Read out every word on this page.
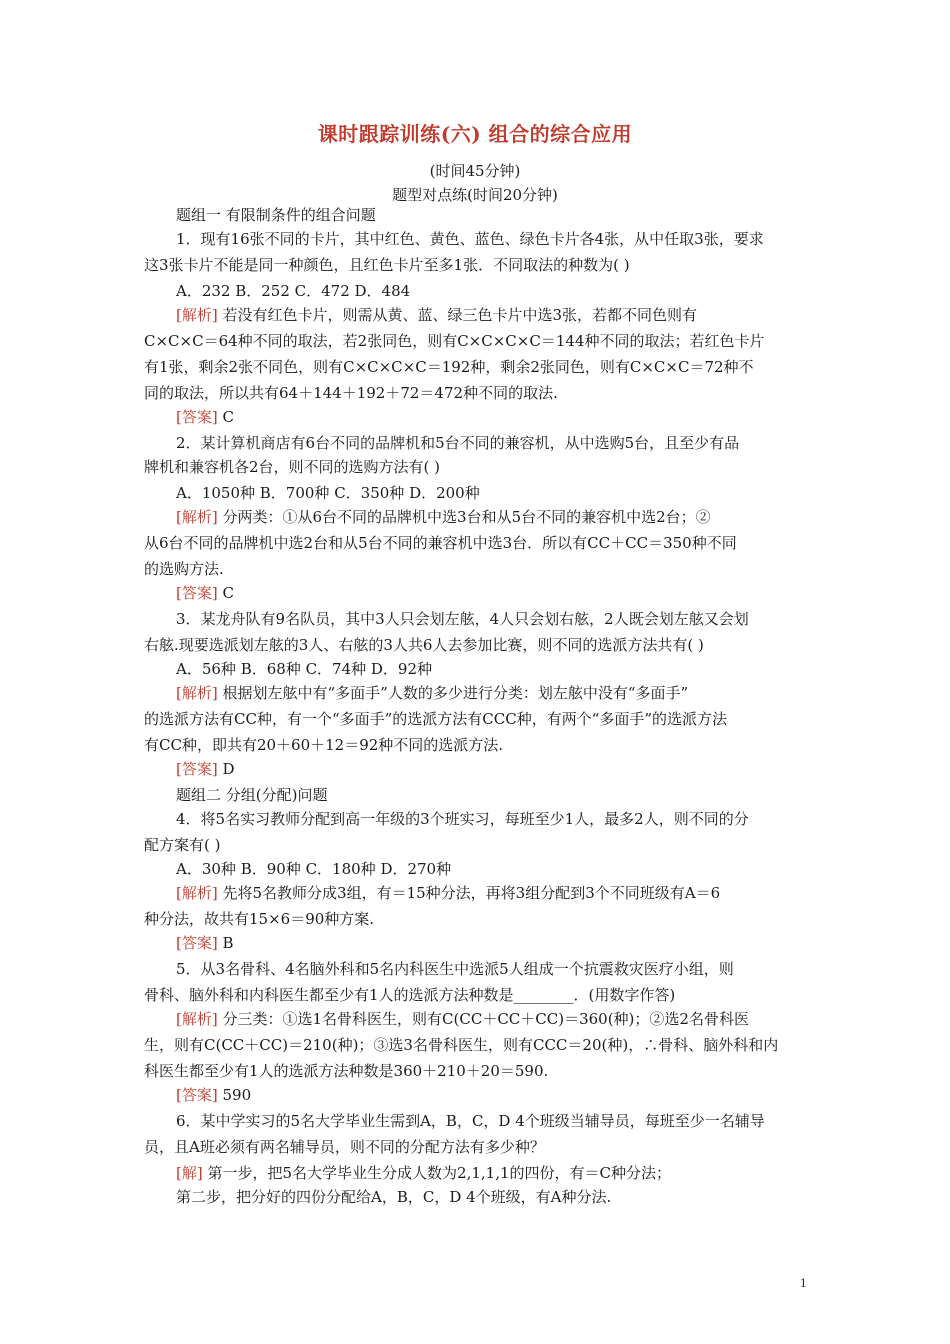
课时跟踪训练(六) 组合的综合应用
(时间45分钟)
题型对点练(时间20分钟)
题组一 有限制条件的组合问题
1．现有16张不同的卡片，其中红色、黄色、蓝色、绿色卡片各4张，从中任取3张，要求
这3张卡片不能是同一种颜色，且红色卡片至多1张．不同取法的种数为( )
A．232 B．252 C．472 D．484
[解析] 若没有红色卡片，则需从黄、蓝、绿三色卡片中选3张，若都不同色则有
C×C×C＝64种不同的取法，若2张同色，则有C×C×C×C＝144种不同的取法；若红色卡片
有1张，剩余2张不同色，则有C×C×C×C＝192种，剩余2张同色，则有C×C×C＝72种不
同的取法，所以共有64＋144＋192＋72＝472种不同的取法.
[答案] C
2．某计算机商店有6台不同的品牌机和5台不同的兼容机，从中选购5台，且至少有品
牌机和兼容机各2台，则不同的选购方法有( )
A．1050种 B．700种 C．350种 D．200种
[解析] 分两类：①从6台不同的品牌机中选3台和从5台不同的兼容机中选2台；②
从6台不同的品牌机中选2台和从5台不同的兼容机中选3台．所以有CC＋CC＝350种不同
的选购方法.
[答案] C
3．某龙舟队有9名队员，其中3人只会划左舷，4人只会划右舷，2人既会划左舷又会划
右舷.现要选派划左舷的3人、右舷的3人共6人去参加比赛，则不同的选派方法共有( )
A．56种 B．68种 C．74种 D．92种
[解析] 根据划左舷中有“多面手”人数的多少进行分类：划左舷中没有“多面手”
的选派方法有CC种，有一个“多面手”的选派方法有CCC种，有两个“多面手”的选派方法
有CC种，即共有20＋60＋12＝92种不同的选派方法.
[答案] D
题组二 分组(分配)问题
4．将5名实习教师分配到高一年级的3个班实习，每班至少1人，最多2人，则不同的分
配方案有( )
A．30种 B．90种 C．180种 D．270种
[解析] 先将5名教师分成3组，有＝15种分法，再将3组分配到3个不同班级有A＝6
种分法，故共有15×6＝90种方案.
[答案] B
5．从3名骨科、4名脑外科和5名内科医生中选派5人组成一个抗震救灾医疗小组，则
骨科、脑外科和内科医生都至少有1人的选派方法种数是________．(用数字作答)
[解析] 分三类：①选1名骨科医生，则有C(CC＋CC＋CC)＝360(种)；②选2名骨科医
生，则有C(CC＋CC)＝210(种)；③选3名骨科医生，则有CCC＝20(种)，∴骨科、脑外科和内
科医生都至少有1人的选派方法种数是360＋210＋20＝590.
[答案] 590
6．某中学实习的5名大学毕业生需到A，B，C，D 4个班级当辅导员，每班至少一名辅导
员，且A班必须有两名辅导员，则不同的分配方法有多少种？
[解] 第一步，把5名大学毕业生分成人数为2,1,1,1的四份，有＝C种分法；
第二步，把分好的四份分配给A，B，C，D 4个班级，有A种分法.
1
